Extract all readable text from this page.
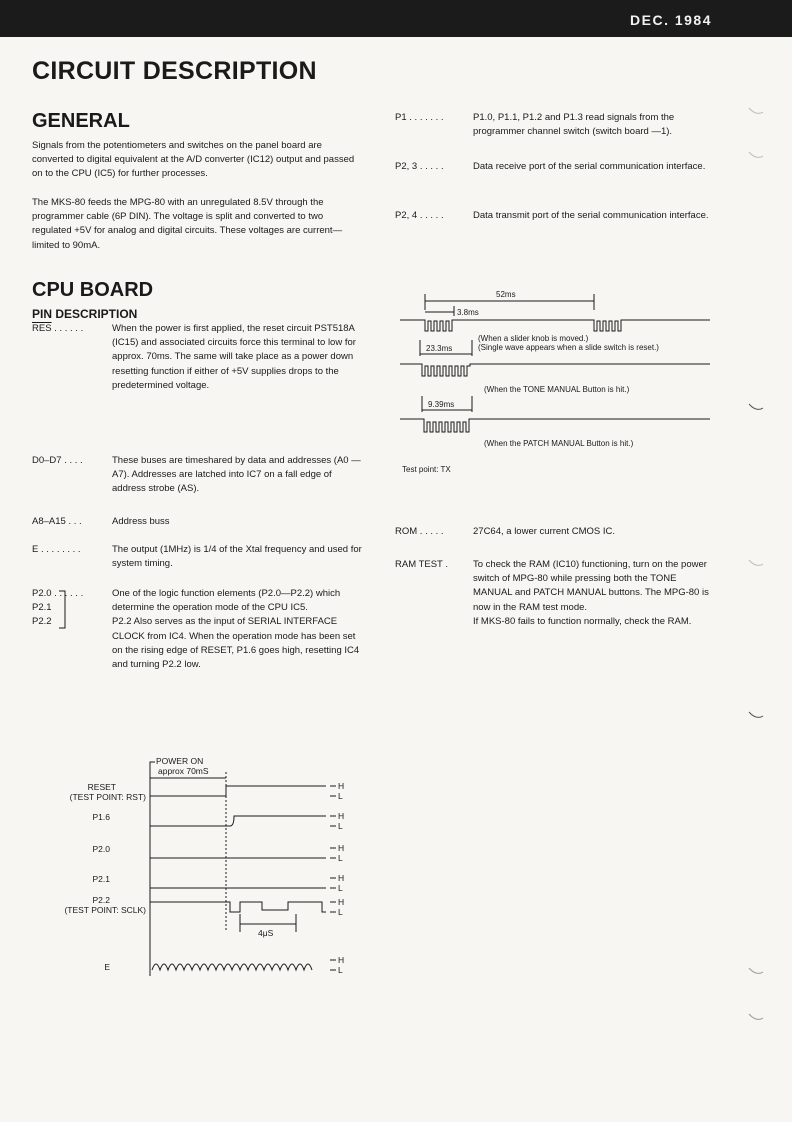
DEC. 1984
CIRCUIT DESCRIPTION
GENERAL

Signals from the potentiometers and switches on the panel board are converted to digital equivalent at the A/D converter (IC12) output and passed on to the CPU (IC5) for further processes.

The MKS-80 feeds the MPG-80 with an unregulated 8.5V through the programmer cable (6P DIN). The voltage is split and converted to two regulated +5V for analog and digital circuits. These voltages are current—limited to 90mA.

CPU BOARD
PIN DESCRIPTION
$\overline{RES}$ . . . . . .	When the power is first applied, the reset circuit PST518A (IC15) and associated circuits force this terminal to low for approx. 70ms. The same will take place as a power down resetting function if either of +5V supplies drops to the predetermined voltage.

D0–D7 . . . .	These buses are timeshared by data and addresses (A0 — A7). Addresses are latched into IC7 on a fall edge of address strobe (AS).

A8–A15 . . .	Address buss

E . . . . . . . .	The output (1MHz) is 1/4 of the Xtal frequency and used for system timing.

P2.0
P2.1
P2.2 . . . . . .	One of the logic function elements (P2.0—P2.2) which determine the operation mode of the CPU IC5.

P2.2 Also serves as the input of SERIAL INTERFACE CLOCK from IC4. When the operation mode has been set on the rising edge of RESET, P1.6 goes high, resetting IC4 and turning P2.2 low.

P1 . . . . . . .	P1.0, P1.1, P1.2 and P1.3 read signals from the programmer channel switch (switch board —1).

P2, 3 . . . . .	Data receive port of the serial communication interface.

P2, 4 . . . . .	Data transmit port of the serial communication interface.

52ms
3.8ms
(When a slider knob is moved.)
(Single wave appears when a slide switch is reset.)
23.3ms
(When the TONE MANUAL Button is hit.)
9.39ms
(When the PATCH MANUAL Button is hit.)
Test point: TX
ROM . . . . .	27C64, a lower current CMOS IC.

RAM TEST .	To check the RAM (IC10) functioning, turn on the power switch of MPG-80 while pressing both the TONE MANUAL and PATCH MANUAL buttons. The MPG-80 is now in the RAM test mode.

If MKS-80 fails to function normally, check the RAM.

POWER ON
approx 70mS
RESET
(TEST POINT: RST)
P1.6
P2.0
P2.1
P2.2
(TEST POINT: SCLK)
4μS
E
H
L
H
L
H
L
H
L
H
L
H
L
